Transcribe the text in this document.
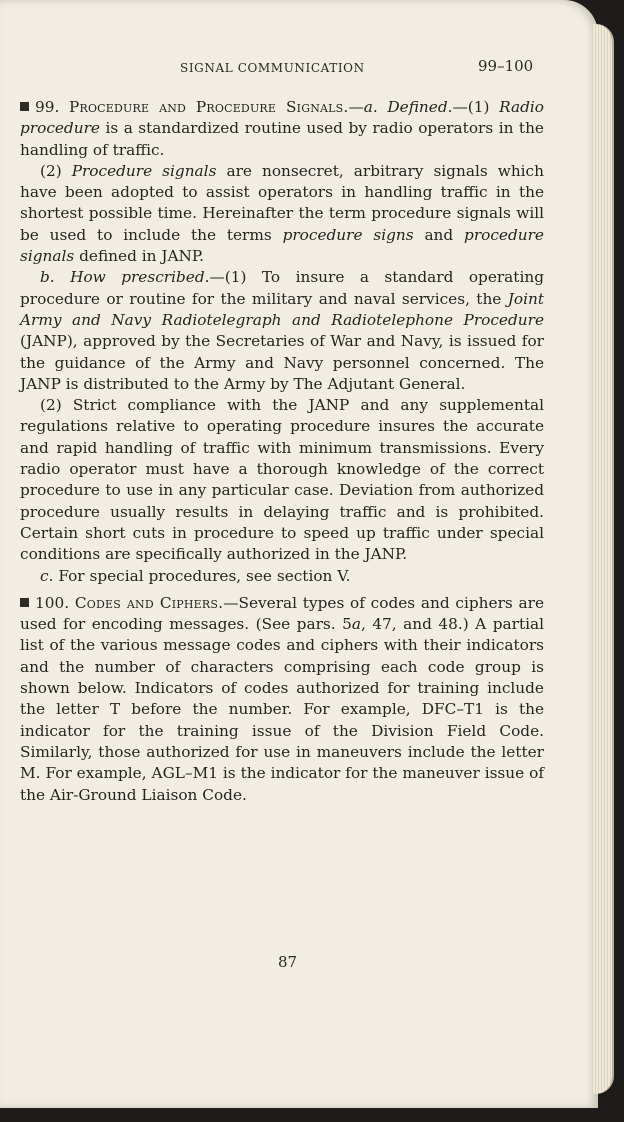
SIGNAL COMMUNICATION	99–100

99. Procedure and Procedure Signals.—a. Defined.—(1) Radio procedure is a standardized routine used by radio operators in the handling of traffic.

(2) Procedure signals are nonsecret, arbitrary signals which have been adopted to assist operators in handling traffic in the shortest possible time. Hereinafter the term procedure signals will be used to include the terms procedure signs and procedure signals defined in JANP.

b. How prescribed.—(1) To insure a standard operating procedure or routine for the military and naval services, the Joint Army and Navy Radiotelegraph and Radiotelephone Procedure (JANP), approved by the Secretaries of War and Navy, is issued for the guidance of the Army and Navy personnel concerned. The JANP is distributed to the Army by The Adjutant General.

(2) Strict compliance with the JANP and any supplemental regulations relative to operating procedure insures the accurate and rapid handling of traffic with minimum transmissions. Every radio operator must have a thorough knowledge of the correct procedure to use in any particular case. Deviation from authorized procedure usually results in delaying traffic and is prohibited. Certain short cuts in procedure to speed up traffic under special conditions are specifically authorized in the JANP.

c. For special procedures, see section V.

100. Codes and Ciphers.—Several types of codes and ciphers are used for encoding messages. (See pars. 5a, 47, and 48.) A partial list of the various message codes and ciphers with their indicators and the number of characters comprising each code group is shown below. Indicators of codes authorized for training include the letter T before the number. For example, DFC–T1 is the indicator for the training issue of the Division Field Code. Similarly, those authorized for use in maneuvers include the letter M. For example, AGL–M1 is the indicator for the maneuver issue of the Air-Ground Liaison Code.

87
